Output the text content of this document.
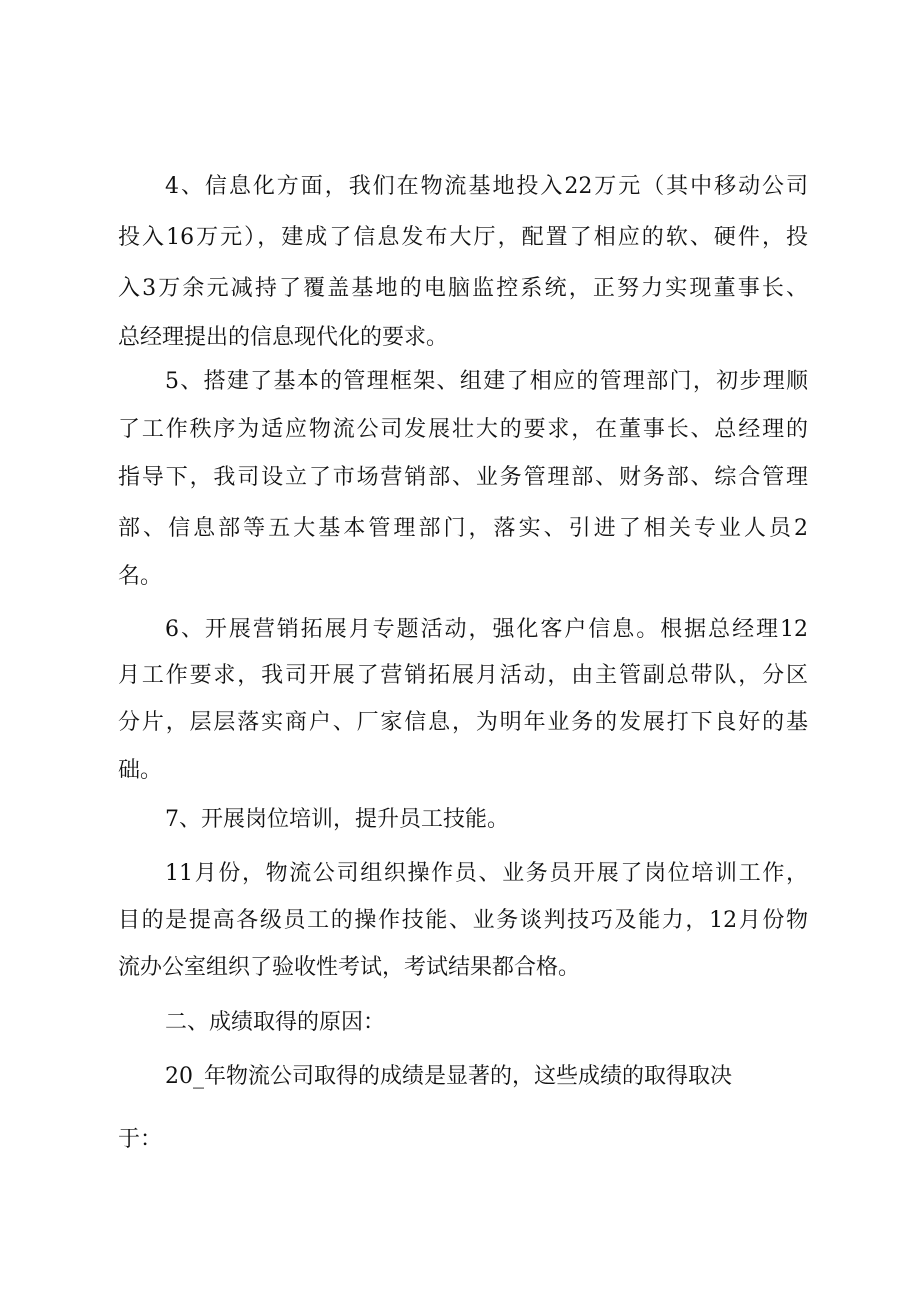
4、信息化方面，我们在物流基地投入22万元（其中移动公司
投入16万元），建成了信息发布大厅，配置了相应的软、硬件，投
入3万余元减持了覆盖基地的电脑监控系统，正努力实现董事长、
总经理提出的信息现代化的要求。
5、搭建了基本的管理框架、组建了相应的管理部门，初步理顺
了工作秩序为适应物流公司发展壮大的要求，在董事长、总经理的
指导下，我司设立了市场营销部、业务管理部、财务部、综合管理
部、信息部等五大基本管理部门，落实、引进了相关专业人员2
名。
6、开展营销拓展月专题活动，强化客户信息。根据总经理12
月工作要求，我司开展了营销拓展月活动，由主管副总带队，分区
分片，层层落实商户、厂家信息，为明年业务的发展打下良好的基
础。
7、开展岗位培训，提升员工技能。
11月份，物流公司组织操作员、业务员开展了岗位培训工作，
目的是提高各级员工的操作技能、业务谈判技巧及能力，12月份物
流办公室组织了验收性考试，考试结果都合格。
二、成绩取得的原因：
20_年物流公司取得的成绩是显著的，这些成绩的取得取决
于：
